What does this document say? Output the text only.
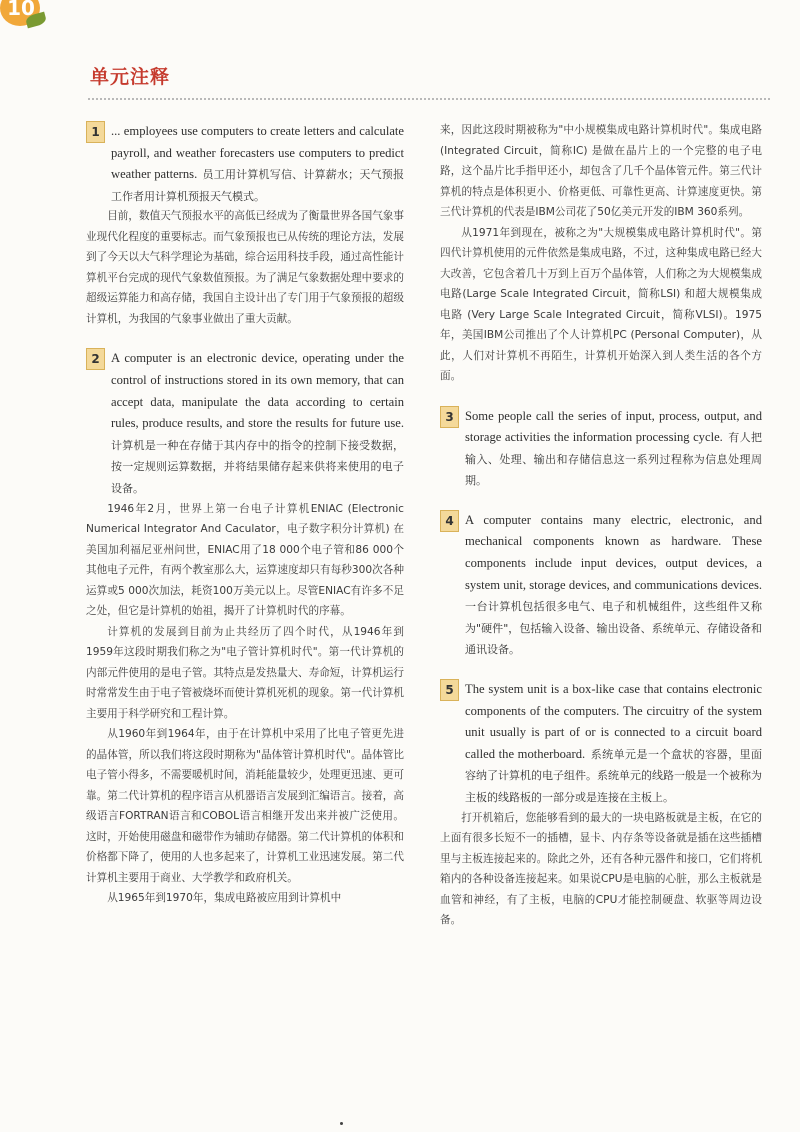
10
单元注释
1 ... employees use computers to create letters and calculate payroll, and weather forecasters use computers to predict weather patterns. 员工用计算机写信、计算薪水；天气预报工作者用计算机预报天气模式。

目前，数值天气预报水平的高低已经成为了衡量世界各国气象事业现代化程度的重要标志。而气象预报也已从传统的理论方法，发展到了今天以大气科学理论为基础，综合运用科技手段，通过高性能计算机平台完成的现代气象数值预报。为了满足气象数据处理中要求的超级运算能力和高存储，我国自主设计出了专门用于气象预报的超级计算机，为我国的气象事业做出了重大贡献。

2 A computer is an electronic device, operating under the control of instructions stored in its own memory, that can accept data, manipulate the data according to certain rules, produce results, and store the results for future use. 计算机是一种在存储于其内存中的指令的控制下接受数据，按一定规则运算数据，并将结果储存起来供将来使用的电子设备。

1946年2月，世界上第一台电子计算机ENIAC (Electronic Numerical Integrator And Caculator，电子数字积分计算机) 在美国加利福尼亚州问世，ENIAC用了18 000个电子管和86 000个其他电子元件，有两个教室那么大，运算速度却只有每秒300次各种运算或5 000次加法，耗资100万美元以上。尽管ENIAC有许多不足之处，但它是计算机的始祖，揭开了计算机时代的序幕。

计算机的发展到目前为止共经历了四个时代，从1946年到1959年这段时期我们称之为"电子管计算机时代"。第一代计算机的内部元件使用的是电子管。其特点是发热量大、寿命短，计算机运行时常常发生由于电子管被烧坏而使计算机死机的现象。第一代计算机主要用于科学研究和工程计算。

从1960年到1964年，由于在计算机中采用了比电子管更先进的晶体管，所以我们将这段时期称为"晶体管计算机时代"。晶体管比电子管小得多，不需要暖机时间，消耗能量较少，处理更迅速、更可靠。第二代计算机的程序语言从机器语言发展到汇编语言。接着，高级语言FORTRAN语言和COBOL语言相继开发出来并被广泛使用。这时，开始使用磁盘和磁带作为辅助存储器。第二代计算机的体积和价格都下降了，使用的人也多起来了，计算机工业迅速发展。第二代计算机主要用于商业、大学教学和政府机关。

从1965年到1970年，集成电路被应用到计算机中

来，因此这段时期被称为"中小规模集成电路计算机时代"。集成电路 (Integrated Circuit，简称IC) 是做在晶片上的一个完整的电子电路，这个晶片比手指甲还小，却包含了几千个晶体管元件。第三代计算机的特点是体积更小、价格更低、可靠性更高、计算速度更快。第三代计算机的代表是IBM公司花了50亿美元开发的IBM 360系列。

从1971年到现在，被称之为"大规模集成电路计算机时代"。第四代计算机使用的元件依然是集成电路，不过，这种集成电路已经大大改善，它包含着几十万到上百万个晶体管，人们称之为大规模集成电路(Large Scale Integrated Circuit，简称LSI) 和超大规模集成电路 (Very Large Scale Integrated Circuit，简称VLSI)。1975年，美国IBM公司推出了个人计算机PC (Personal Computer)，从此，人们对计算机不再陌生，计算机开始深入到人类生活的各个方面。

3 Some people call the series of input, process, output, and storage activities the information processing cycle. 有人把输入、处理、输出和存储信息这一系列过程称为信息处理周期。
4 A computer contains many electric, electronic, and mechanical components known as hardware. These components include input devices, output devices, a system unit, storage devices, and communications devices. 一台计算机包括很多电气、电子和机械组件，这些组件又称为"硬件"，包括输入设备、输出设备、系统单元、存储设备和通讯设备。
5 The system unit is a box-like case that contains electronic components of the computers. The circuitry of the system unit usually is part of or is connected to a circuit board called the motherboard. 系统单元是一个盒状的容器，里面容纳了计算机的电子组件。系统单元的线路一般是一个被称为主板的线路板的一部分或是连接在主板上。

打开机箱后，您能够看到的最大的一块电路板就是主板，在它的上面有很多长短不一的插槽，显卡、内存条等设备就是插在这些插槽里与主板连接起来的。除此之外，还有各种元器件和接口，它们将机箱内的各种设备连接起来。如果说CPU是电脑的心脏，那么主板就是血管和神经，有了主板，电脑的CPU才能控制硬盘、软驱等周边设备。
